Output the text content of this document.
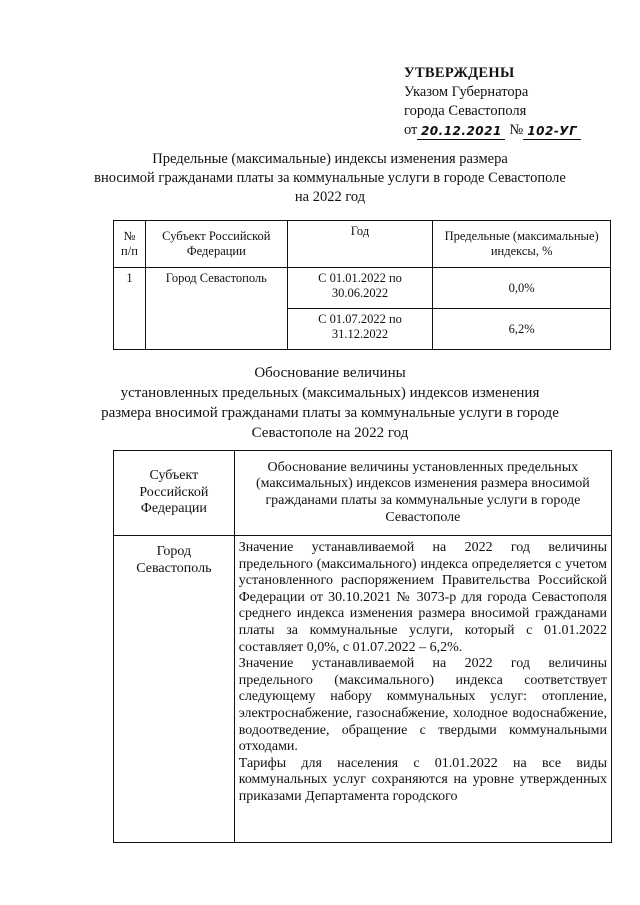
УТВЕРЖДЕНЫ
Указом Губернатора
города Севастополя
от 20.12.2021 № 102-УГ
Предельные (максимальные) индексы изменения размера
вносимой гражданами платы за коммунальные услуги в городе Севастополе
на 2022 год
№ п/п	Субъект Российской Федерации	Год	Предельные (максимальные) индексы, %
1	Город Севастополь	С 01.01.2022 по 30.06.2022	0,0%
		С 01.07.2022 по 31.12.2022	6,2%
Обоснование величины
установленных предельных (максимальных) индексов изменения
размера вносимой гражданами платы за коммунальные услуги в городе
Севастополе на 2022 год
Субъект Российской Федерации	Обоснование величины установленных предельных (максимальных) индексов изменения размера вносимой гражданами платы за коммунальные услуги в городе Севастополе
Город Севастополь	Значение устанавливаемой на 2022 год величины предельного (максимального) индекса определяется с учетом установленного распоряжением Правительства Российской Федерации от 30.10.2021 № 3073-р для города Севастополя среднего индекса изменения размера вносимой гражданами платы за коммунальные услуги, который с 01.01.2022 составляет 0,0%, с 01.07.2022 – 6,2%.

Значение устанавливаемой на 2022 год величины предельного (максимального) индекса соответствует следующему набору коммунальных услуг: отопление, электроснабжение, газоснабжение, холодное водоснабжение, водоотведение, обращение с твердыми коммунальными отходами.

Тарифы для населения с 01.01.2022 на все виды коммунальных услуг сохраняются на уровне утвержденных приказами Департамента городского
